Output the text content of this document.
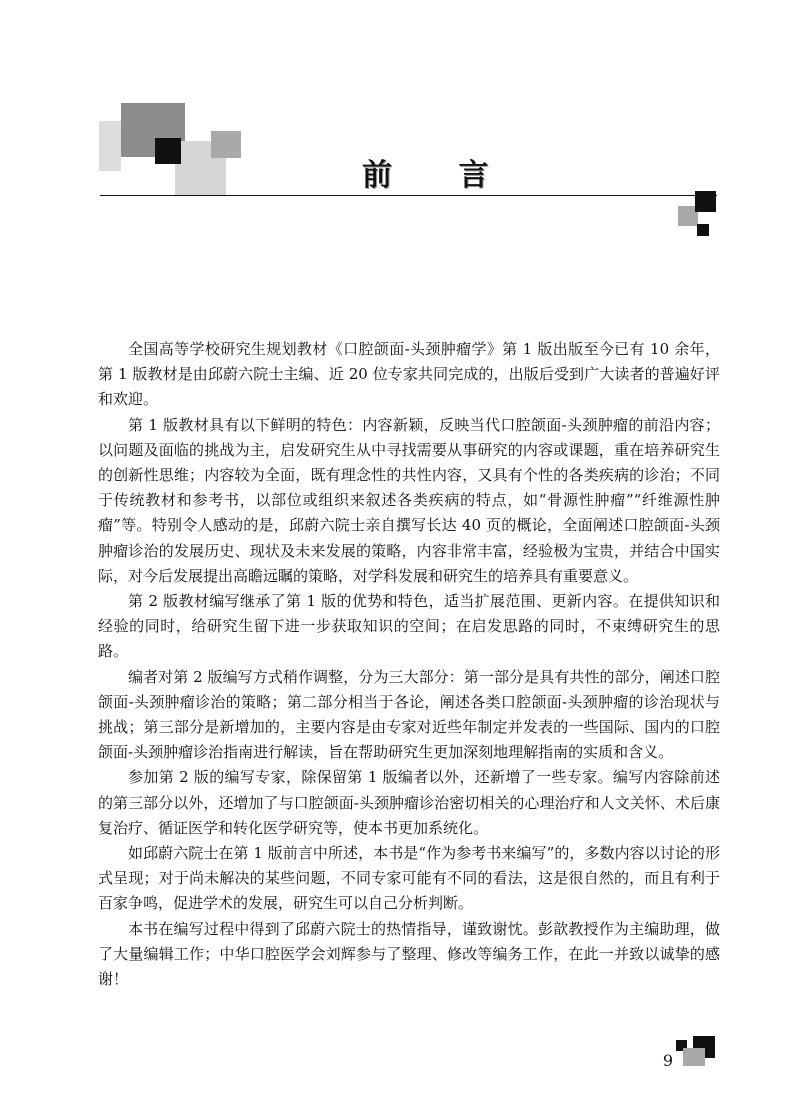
前 言

全国高等学校研究生规划教材《口腔颌面-头颈肿瘤学》第 1 版出版至今已有 10 余年，第 1 版教材是由邱蔚六院士主编、近 20 位专家共同完成的，出版后受到广大读者的普遍好评和欢迎。

第 1 版教材具有以下鲜明的特色：内容新颖，反映当代口腔颌面-头颈肿瘤的前沿内容；以问题及面临的挑战为主，启发研究生从中寻找需要从事研究的内容或课题，重在培养研究生的创新性思维；内容较为全面，既有理念性的共性内容，又具有个性的各类疾病的诊治；不同于传统教材和参考书，以部位或组织来叙述各类疾病的特点，如“骨源性肿瘤”“纤维源性肿瘤”等。特别令人感动的是，邱蔚六院士亲自撰写长达 40 页的概论，全面阐述口腔颌面-头颈肿瘤诊治的发展历史、现状及未来发展的策略，内容非常丰富，经验极为宝贵，并结合中国实际，对今后发展提出高瞻远瞩的策略，对学科发展和研究生的培养具有重要意义。

第 2 版教材编写继承了第 1 版的优势和特色，适当扩展范围、更新内容。在提供知识和经验的同时，给研究生留下进一步获取知识的空间；在启发思路的同时，不束缚研究生的思路。

编者对第 2 版编写方式稍作调整，分为三大部分：第一部分是具有共性的部分，阐述口腔颌面-头颈肿瘤诊治的策略；第二部分相当于各论，阐述各类口腔颌面-头颈肿瘤的诊治现状与挑战；第三部分是新增加的，主要内容是由专家对近些年制定并发表的一些国际、国内的口腔颌面-头颈肿瘤诊治指南进行解读，旨在帮助研究生更加深刻地理解指南的实质和含义。

参加第 2 版的编写专家，除保留第 1 版编者以外，还新增了一些专家。编写内容除前述的第三部分以外，还增加了与口腔颌面-头颈肿瘤诊治密切相关的心理治疗和人文关怀、术后康复治疗、循证医学和转化医学研究等，使本书更加系统化。

如邱蔚六院士在第 1 版前言中所述，本书是“作为参考书来编写”的，多数内容以讨论的形式呈现；对于尚未解决的某些问题，不同专家可能有不同的看法，这是很自然的，而且有利于百家争鸣，促进学术的发展，研究生可以自己分析判断。

本书在编写过程中得到了邱蔚六院士的热情指导，谨致谢忱。彭歆教授作为主编助理，做了大量编辑工作；中华口腔医学会刘辉参与了整理、修改等编务工作，在此一并致以诚挚的感谢！

9
